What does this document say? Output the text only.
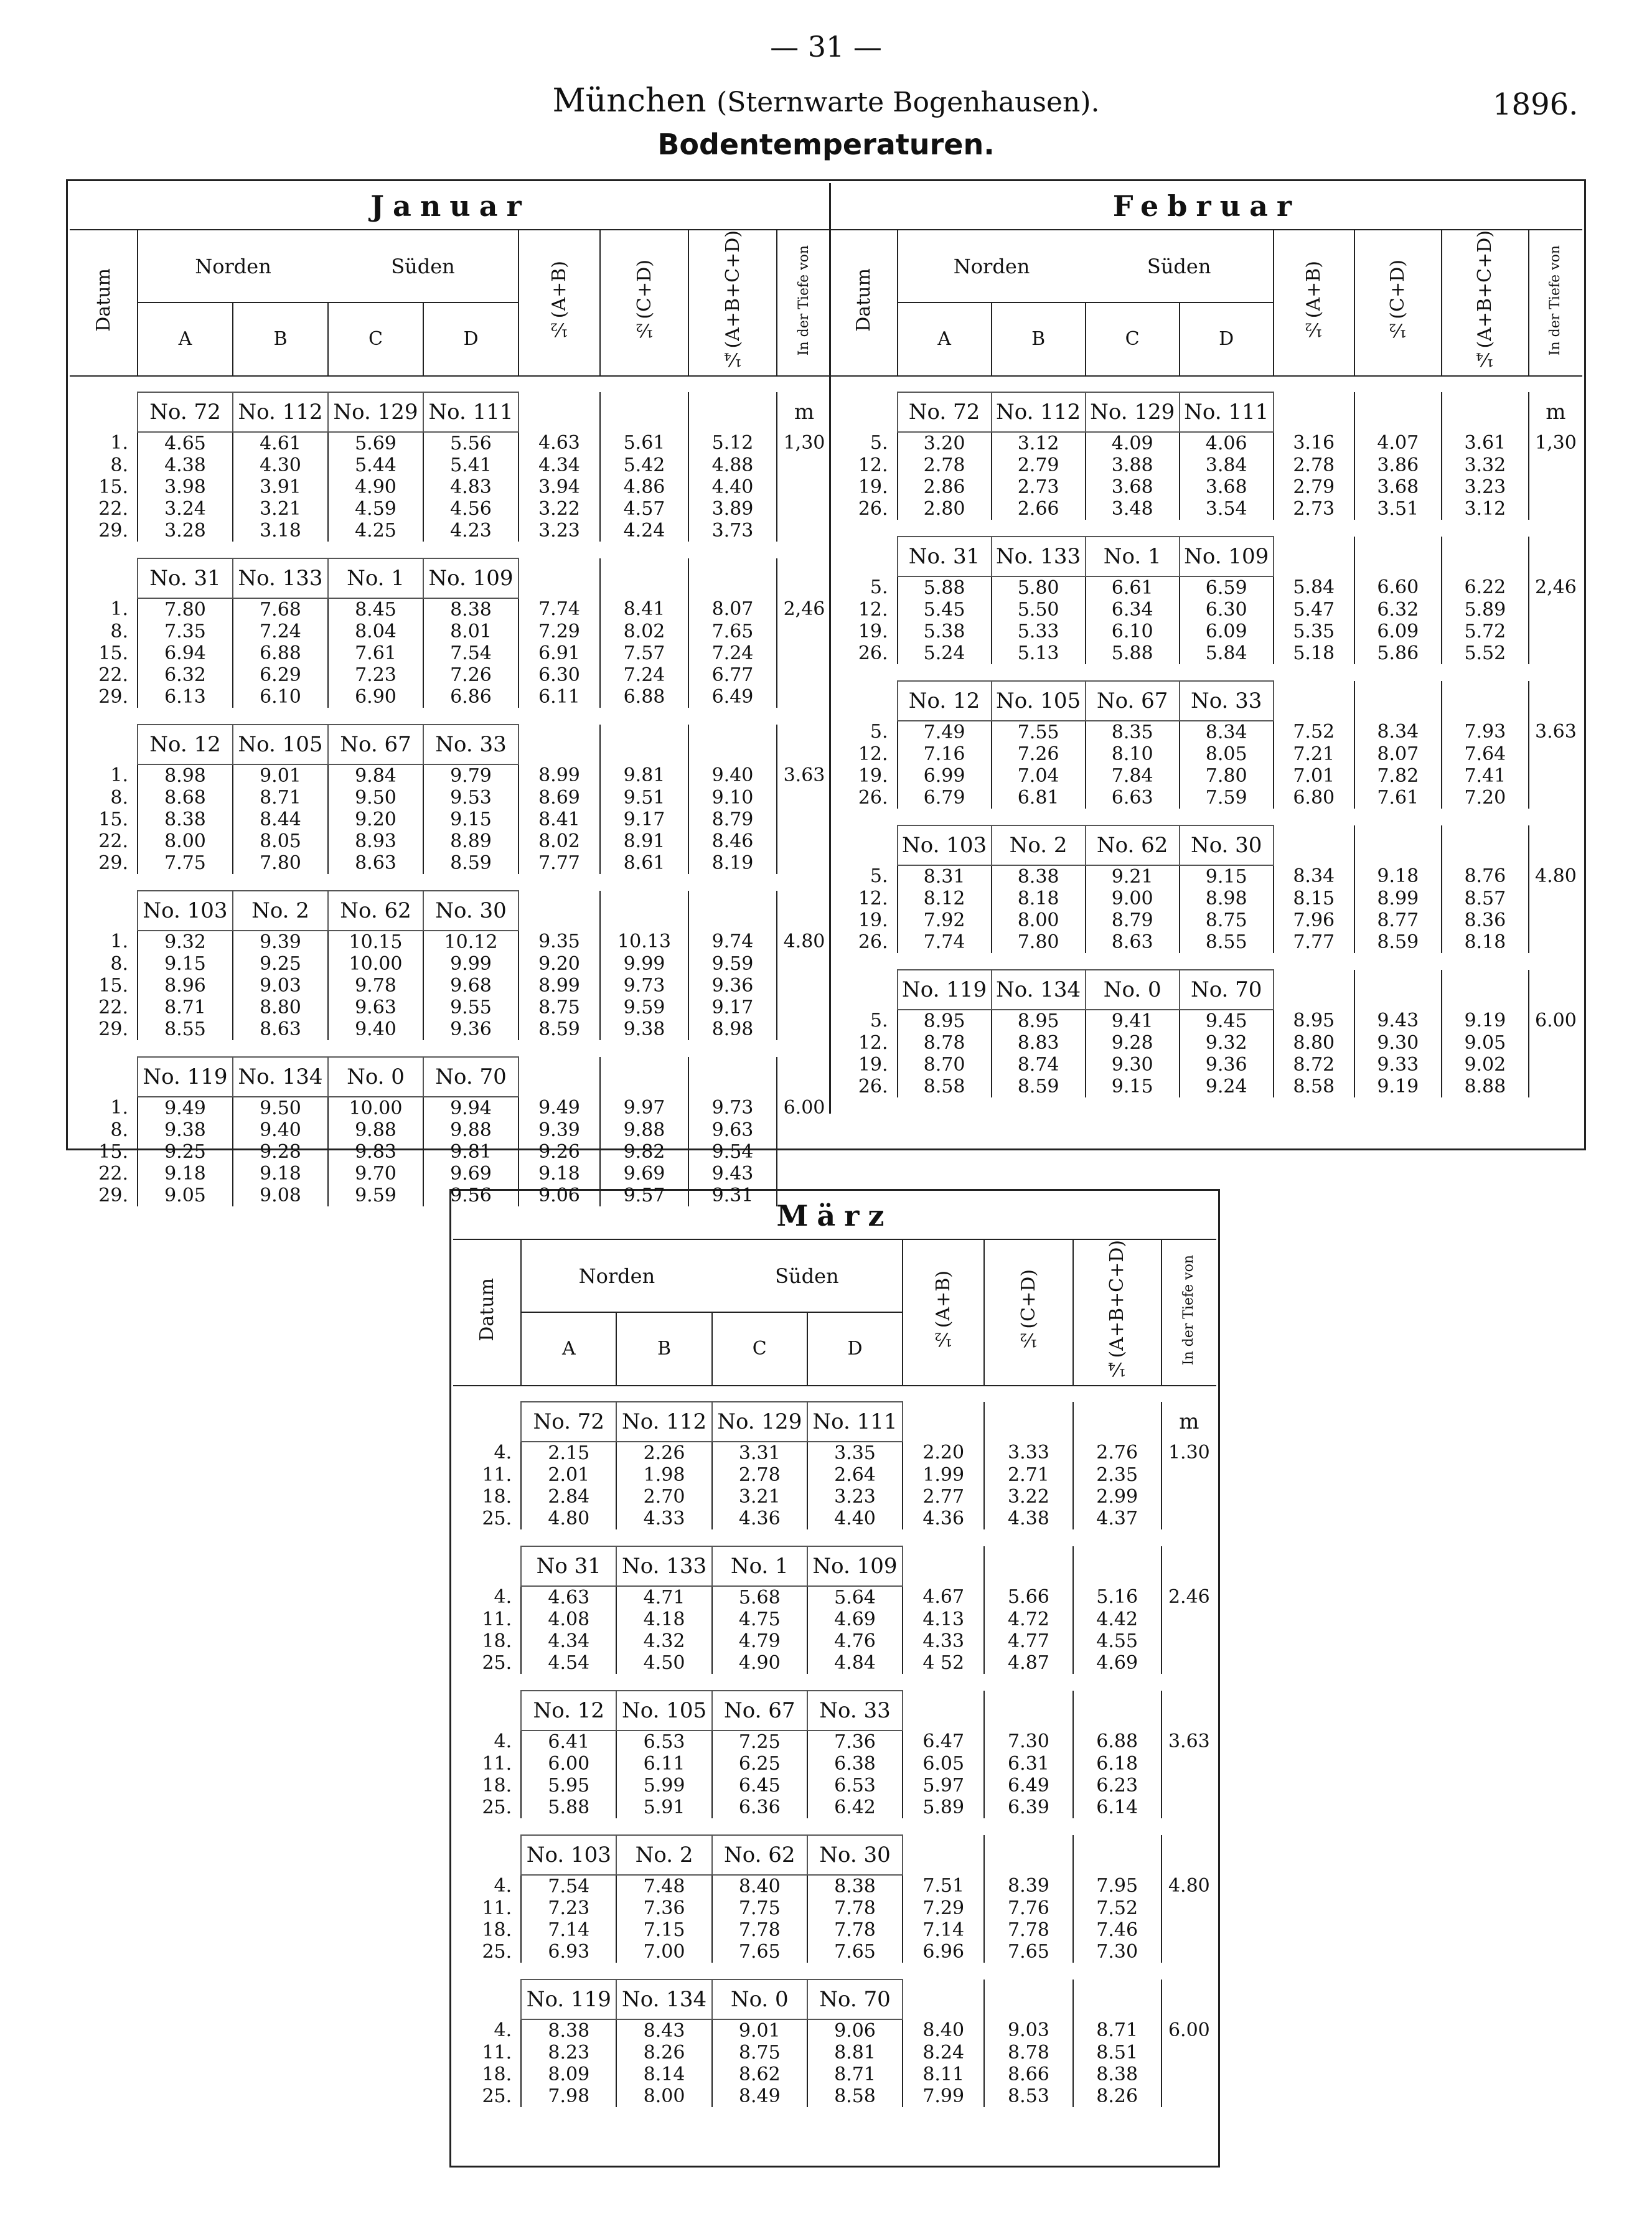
— 31 —
München (Sternwarte Bogenhausen).	1896.
Bodentemperaturen.
Januar								
Datum	Norden		Süden		½(A+B)	½(C+D)	¼(A+B+C+D)	In der Tiefe von
	A	B	C	D				

	No. 72	No. 112	No. 129	No. 111				m
1.	4.65	4.61	5.69	5.56	4.63	5.61	5.12	1,30
8.	4.38	4.30	5.44	5.41	4.34	5.42	4.88	
15.	3.98	3.91	4.90	4.83	3.94	4.86	4.40	
22.	3.24	3.21	4.59	4.56	3.22	4.57	3.89	
29.	3.28	3.18	4.25	4.23	3.23	4.24	3.73	

	No. 31	No. 133	No. 1	No. 109				
1.	7.80	7.68	8.45	8.38	7.74	8.41	8.07	2,46
8.	7.35	7.24	8.04	8.01	7.29	8.02	7.65	
15.	6.94	6.88	7.61	7.54	6.91	7.57	7.24	
22.	6.32	6.29	7.23	7.26	6.30	7.24	6.77	
29.	6.13	6.10	6.90	6.86	6.11	6.88	6.49	

	No. 12	No. 105	No. 67	No. 33				
1.	8.98	9.01	9.84	9.79	8.99	9.81	9.40	3.63
8.	8.68	8.71	9.50	9.53	8.69	9.51	9.10	
15.	8.38	8.44	9.20	9.15	8.41	9.17	8.79	
22.	8.00	8.05	8.93	8.89	8.02	8.91	8.46	
29.	7.75	7.80	8.63	8.59	7.77	8.61	8.19	

	No. 103	No. 2	No. 62	No. 30				
1.	9.32	9.39	10.15	10.12	9.35	10.13	9.74	4.80
8.	9.15	9.25	10.00	9.99	9.20	9.99	9.59	
15.	8.96	9.03	9.78	9.68	8.99	9.73	9.36	
22.	8.71	8.80	9.63	9.55	8.75	9.59	9.17	
29.	8.55	8.63	9.40	9.36	8.59	9.38	8.98	

	No. 119	No. 134	No. 0	No. 70				
1.	9.49	9.50	10.00	9.94	9.49	9.97	9.73	6.00
8.	9.38	9.40	9.88	9.88	9.39	9.88	9.63	
15.	9.25	9.28	9.83	9.81	9.26	9.82	9.54	
22.	9.18	9.18	9.70	9.69	9.18	9.69	9.43	
29.	9.05	9.08	9.59	9.56	9.06	9.57	9.31	

Februar								
Datum	Norden		Süden		½(A+B)	½(C+D)	¼(A+B+C+D)	In der Tiefe von
	A	B	C	D				

	No. 72	No. 112	No. 129	No. 111				m
5.	3.20	3.12	4.09	4.06	3.16	4.07	3.61	1,30
12.	2.78	2.79	3.88	3.84	2.78	3.86	3.32	
19.	2.86	2.73	3.68	3.68	2.79	3.68	3.23	
26.	2.80	2.66	3.48	3.54	2.73	3.51	3.12	

	No. 31	No. 133	No. 1	No. 109				
5.	5.88	5.80	6.61	6.59	5.84	6.60	6.22	2,46
12.	5.45	5.50	6.34	6.30	5.47	6.32	5.89	
19.	5.38	5.33	6.10	6.09	5.35	6.09	5.72	
26.	5.24	5.13	5.88	5.84	5.18	5.86	5.52	

	No. 12	No. 105	No. 67	No. 33				
5.	7.49	7.55	8.35	8.34	7.52	8.34	7.93	3.63
12.	7.16	7.26	8.10	8.05	7.21	8.07	7.64	
19.	6.99	7.04	7.84	7.80	7.01	7.82	7.41	
26.	6.79	6.81	6.63	7.59	6.80	7.61	7.20	

	No. 103	No. 2	No. 62	No. 30				
5.	8.31	8.38	9.21	9.15	8.34	9.18	8.76	4.80
12.	8.12	8.18	9.00	8.98	8.15	8.99	8.57	
19.	7.92	8.00	8.79	8.75	7.96	8.77	8.36	
26.	7.74	7.80	8.63	8.55	7.77	8.59	8.18	

	No. 119	No. 134	No. 0	No. 70				
5.	8.95	8.95	9.41	9.45	8.95	9.43	9.19	6.00
12.	8.78	8.83	9.28	9.32	8.80	9.30	9.05	
19.	8.70	8.74	9.30	9.36	8.72	9.33	9.02	
26.	8.58	8.59	9.15	9.24	8.58	9.19	8.88	

März								
Datum	Norden		Süden		½(A+B)	½(C+D)	¼(A+B+C+D)	In der Tiefe von
	A	B	C	D				

	No. 72	No. 112	No. 129	No. 111				m
4.	2.15	2.26	3.31	3.35	2.20	3.33	2.76	1.30
11.	2.01	1.98	2.78	2.64	1.99	2.71	2.35	
18.	2.84	2.70	3.21	3.23	2.77	3.22	2.99	
25.	4.80	4.33	4.36	4.40	4.36	4.38	4.37	

	No 31	No. 133	No. 1	No. 109				
4.	4.63	4.71	5.68	5.64	4.67	5.66	5.16	2.46
11.	4.08	4.18	4.75	4.69	4.13	4.72	4.42	
18.	4.34	4.32	4.79	4.76	4.33	4.77	4.55	
25.	4.54	4.50	4.90	4.84	4 52	4.87	4.69	

	No. 12	No. 105	No. 67	No. 33				
4.	6.41	6.53	7.25	7.36	6.47	7.30	6.88	3.63
11.	6.00	6.11	6.25	6.38	6.05	6.31	6.18	
18.	5.95	5.99	6.45	6.53	5.97	6.49	6.23	
25.	5.88	5.91	6.36	6.42	5.89	6.39	6.14	

	No. 103	No. 2	No. 62	No. 30				
4.	7.54	7.48	8.40	8.38	7.51	8.39	7.95	4.80
11.	7.23	7.36	7.75	7.78	7.29	7.76	7.52	
18.	7.14	7.15	7.78	7.78	7.14	7.78	7.46	
25.	6.93	7.00	7.65	7.65	6.96	7.65	7.30	

	No. 119	No. 134	No. 0	No. 70				
4.	8.38	8.43	9.01	9.06	8.40	9.03	8.71	6.00
11.	8.23	8.26	8.75	8.81	8.24	8.78	8.51	
18.	8.09	8.14	8.62	8.71	8.11	8.66	8.38	
25.	7.98	8.00	8.49	8.58	7.99	8.53	8.26	
